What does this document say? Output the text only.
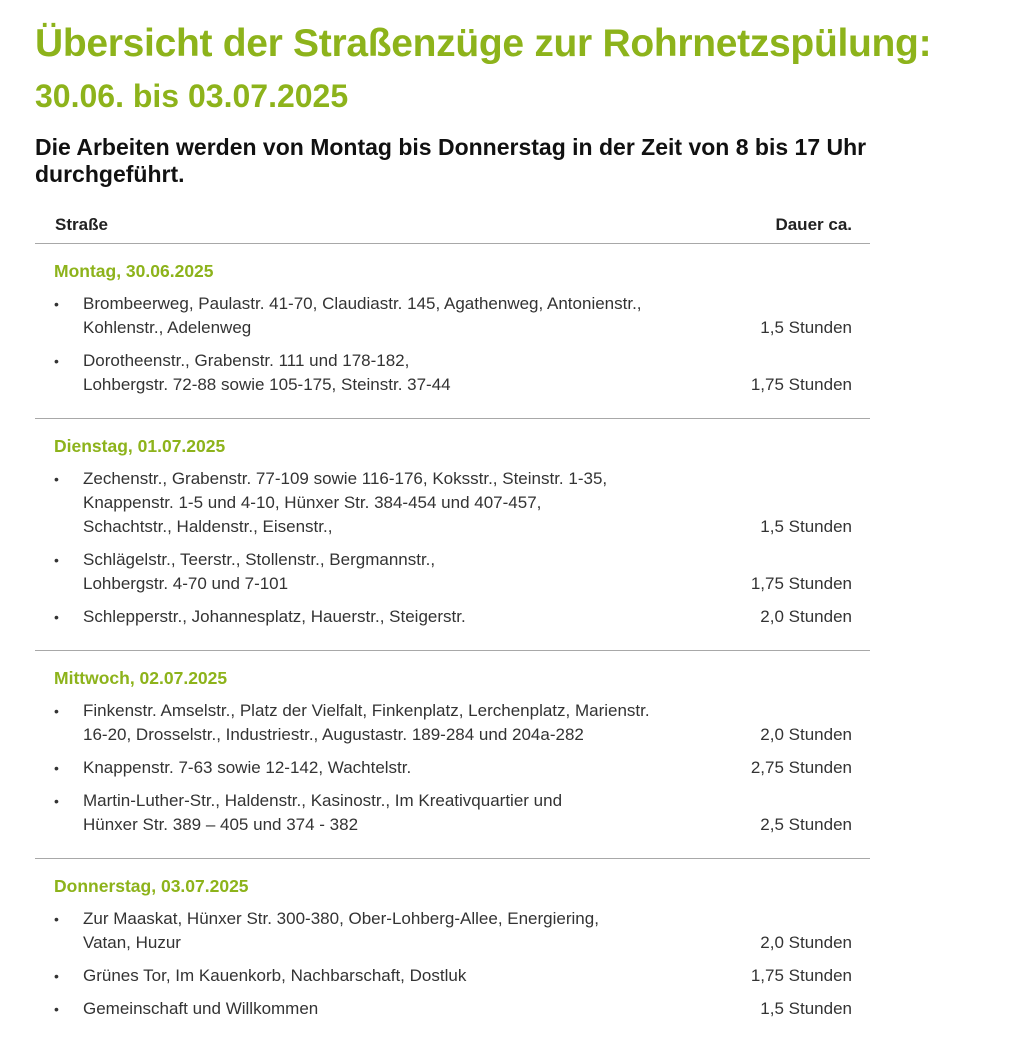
Übersicht der Straßenzüge zur Rohrnetzspülung:
30.06. bis 03.07.2025

Die Arbeiten werden von Montag bis Donnerstag in der Zeit von 8 bis 17 Uhr durchgeführt.

Straße	Dauer ca.
Montag, 30.06.2025
• Brombeerweg, Paulastr. 41-70, Claudiastr. 145, Agathenweg, Antonienstr.,
Kohlenstr., Adelenweg	1,5 Stunden
• Dorotheenstr., Grabenstr. 111 und 178-182,
Lohbergstr. 72-88 sowie 105-175, Steinstr. 37-44	1,75 Stunden
Dienstag, 01.07.2025
• Zechenstr., Grabenstr. 77-109 sowie 116-176, Koksstr., Steinstr. 1-35,
Knappenstr. 1-5 und 4-10, Hünxer Str. 384-454 und 407-457,
Schachtstr., Haldenstr., Eisenstr.,	1,5 Stunden
• Schlägelstr., Teerstr., Stollenstr., Bergmannstr.,
Lohbergstr. 4-70 und 7-101	1,75 Stunden
• Schlepperstr., Johannesplatz, Hauerstr., Steigerstr.	2,0 Stunden
Mittwoch, 02.07.2025
• Finkenstr. Amselstr., Platz der Vielfalt, Finkenplatz, Lerchenplatz, Marienstr.
16-20, Drosselstr., Industriestr., Augustastr. 189-284 und 204a-282	2,0 Stunden
• Knappenstr. 7-63 sowie 12-142, Wachtelstr.	2,75 Stunden
• Martin-Luther-Str., Haldenstr., Kasinostr., Im Kreativquartier und
Hünxer Str. 389 – 405 und 374 - 382	2,5 Stunden
Donnerstag, 03.07.2025
• Zur Maaskat, Hünxer Str. 300-380, Ober-Lohberg-Allee, Energiering,
Vatan, Huzur	2,0 Stunden
• Grünes Tor, Im Kauenkorb, Nachbarschaft, Dostluk	1,75 Stunden
• Gemeinschaft und Willkommen	1,5 Stunden
